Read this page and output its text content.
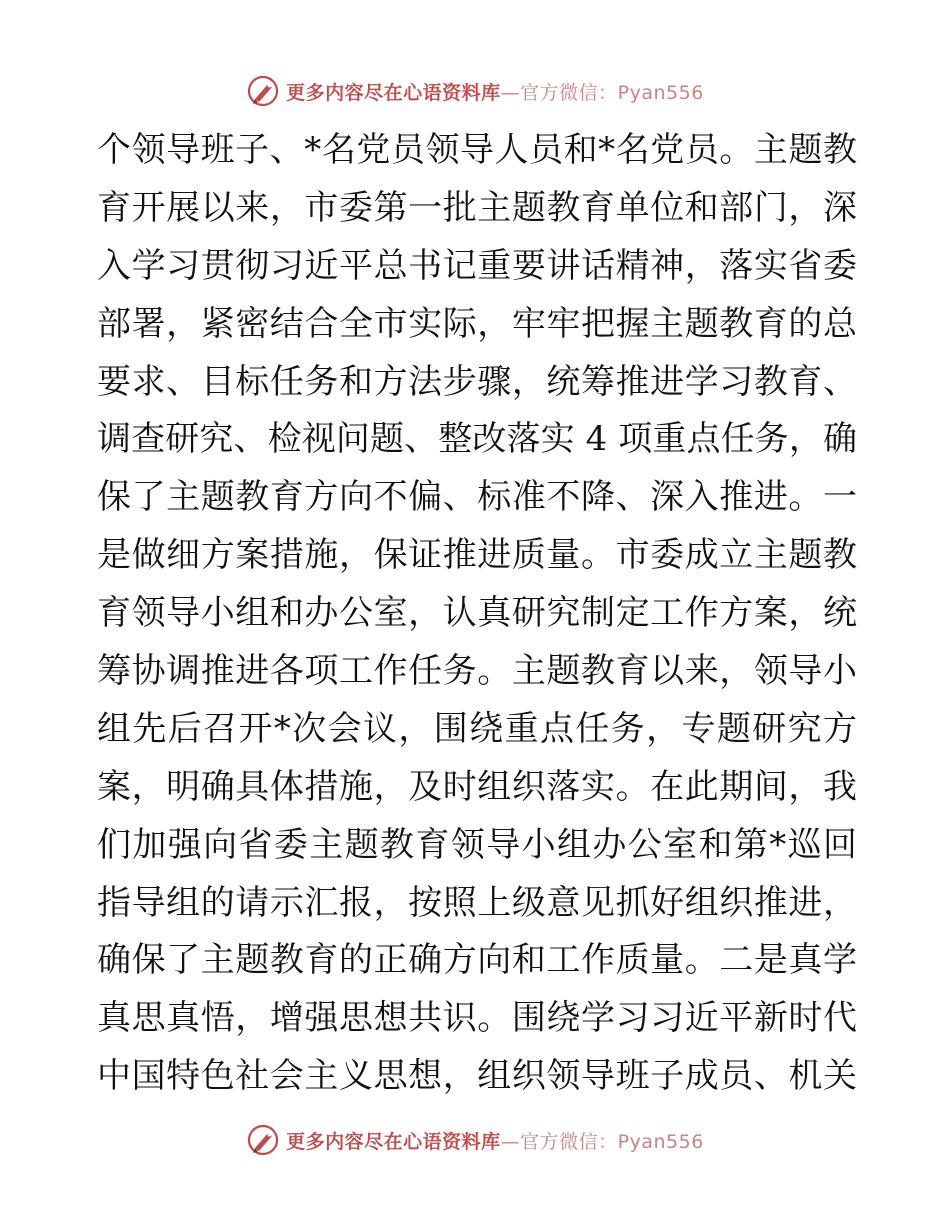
更多内容尽在心语资料库—官方微信：Pyan556
个领导班子、*名党员领导人员和*名党员。主题教
育开展以来，市委第一批主题教育单位和部门，深
入学习贯彻习近平总书记重要讲话精神，落实省委
部署，紧密结合全市实际，牢牢把握主题教育的总
要求、目标任务和方法步骤，统筹推进学习教育、
调查研究、检视问题、整改落实 4 项重点任务，确
保了主题教育方向不偏、标准不降、深入推进。一
是做细方案措施，保证推进质量。市委成立主题教
育领导小组和办公室，认真研究制定工作方案，统
筹协调推进各项工作任务。主题教育以来，领导小
组先后召开*次会议，围绕重点任务，专题研究方
案，明确具体措施，及时组织落实。在此期间，我
们加强向省委主题教育领导小组办公室和第*巡回
指导组的请示汇报，按照上级意见抓好组织推进，
确保了主题教育的正确方向和工作质量。二是真学
真思真悟，增强思想共识。围绕学习习近平新时代
中国特色社会主义思想，组织领导班子成员、机关
更多内容尽在心语资料库—官方微信：Pyan556
